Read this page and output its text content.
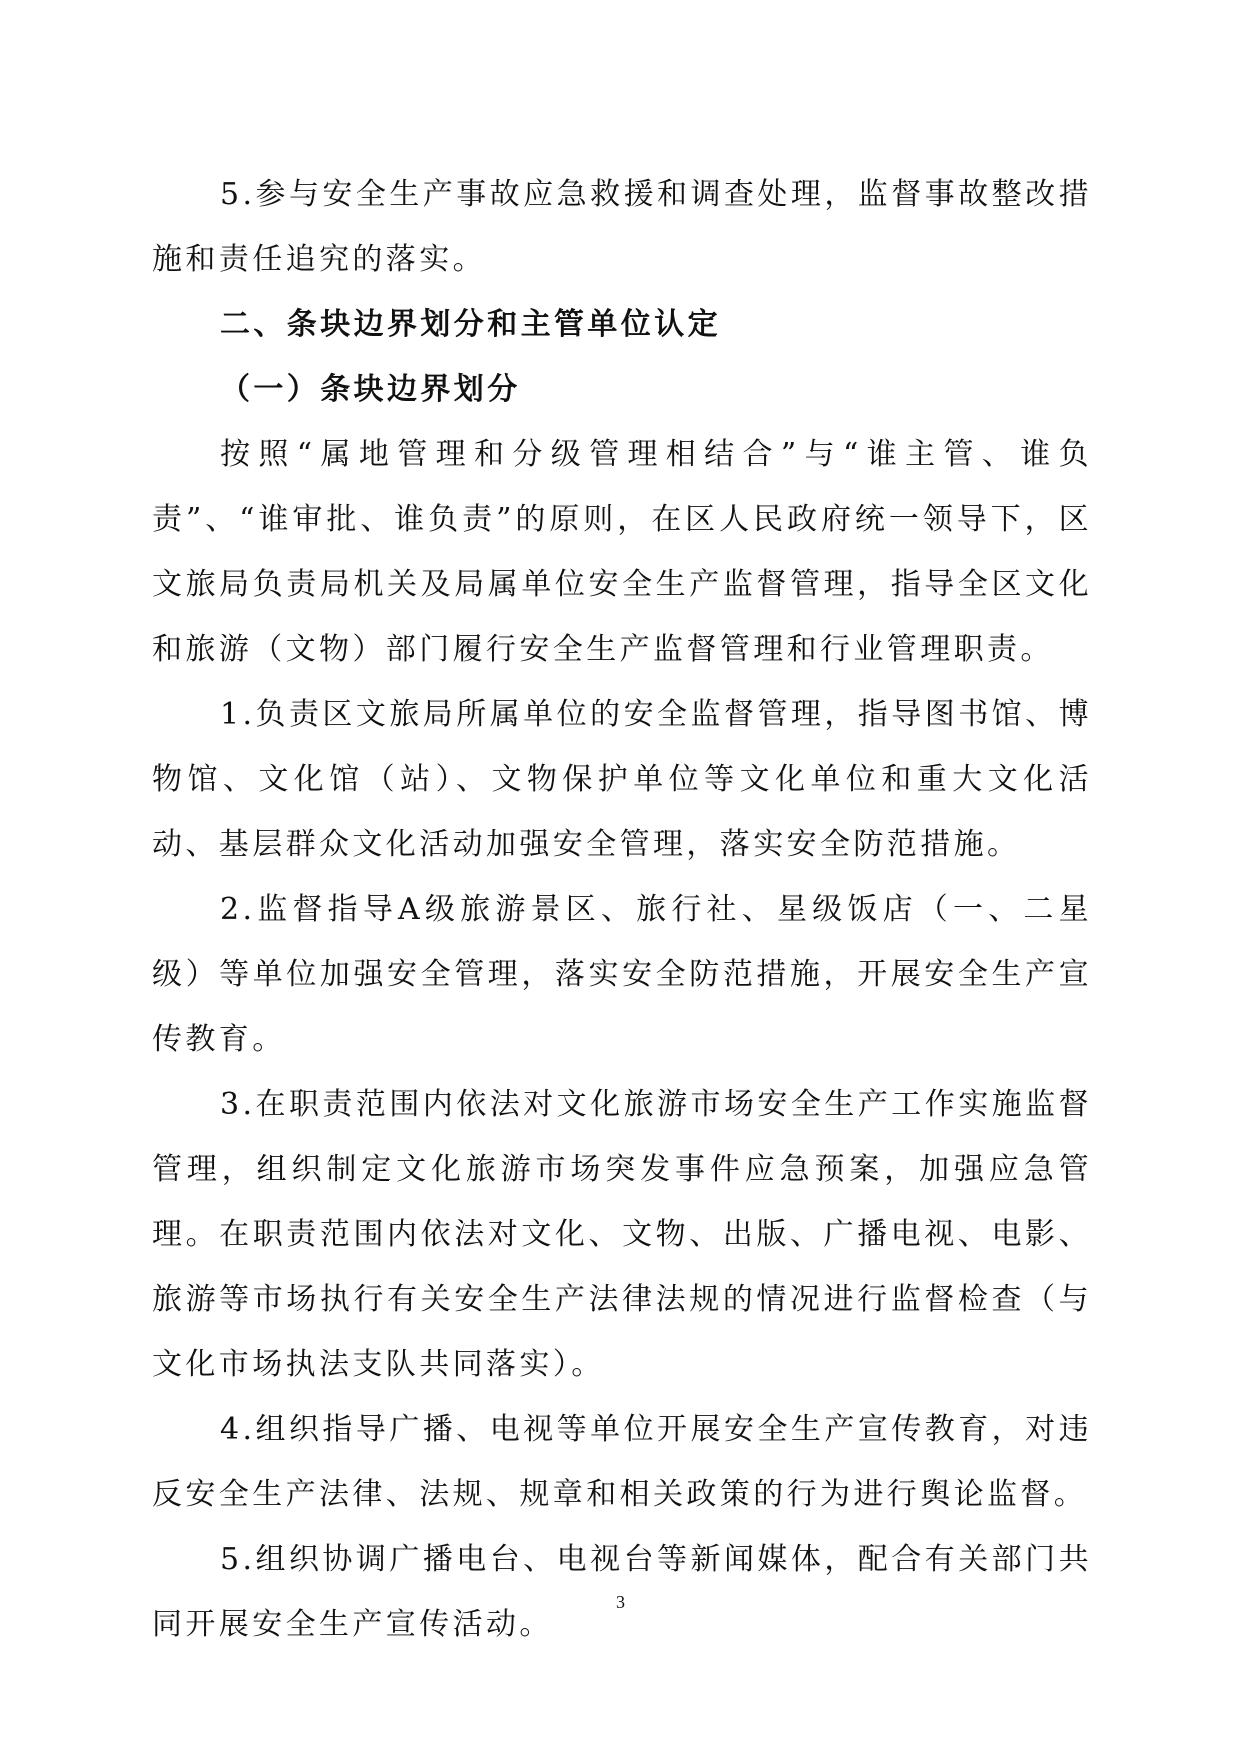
5.参与安全生产事故应急救援和调查处理，监督事故整改措施和责任追究的落实。

二、条块边界划分和主管单位认定

（一）条块边界划分

按照“属地管理和分级管理相结合”与“谁主管、谁负责”、“谁审批、谁负责”的原则，在区人民政府统一领导下，区文旅局负责局机关及局属单位安全生产监督管理，指导全区文化和旅游（文物）部门履行安全生产监督管理和行业管理职责。

1.负责区文旅局所属单位的安全监督管理，指导图书馆、博物馆、文化馆（站）、文物保护单位等文化单位和重大文化活动、基层群众文化活动加强安全管理，落实安全防范措施。

2.监督指导A级旅游景区、旅行社、星级饭店（一、二星级）等单位加强安全管理，落实安全防范措施，开展安全生产宣传教育。

3.在职责范围内依法对文化旅游市场安全生产工作实施监督管理，组织制定文化旅游市场突发事件应急预案，加强应急管理。在职责范围内依法对文化、文物、出版、广播电视、电影、旅游等市场执行有关安全生产法律法规的情况进行监督检查（与文化市场执法支队共同落实）。

4.组织指导广播、电视等单位开展安全生产宣传教育，对违反安全生产法律、法规、规章和相关政策的行为进行舆论监督。

5.组织协调广播电台、电视台等新闻媒体，配合有关部门共同开展安全生产宣传活动。

3
